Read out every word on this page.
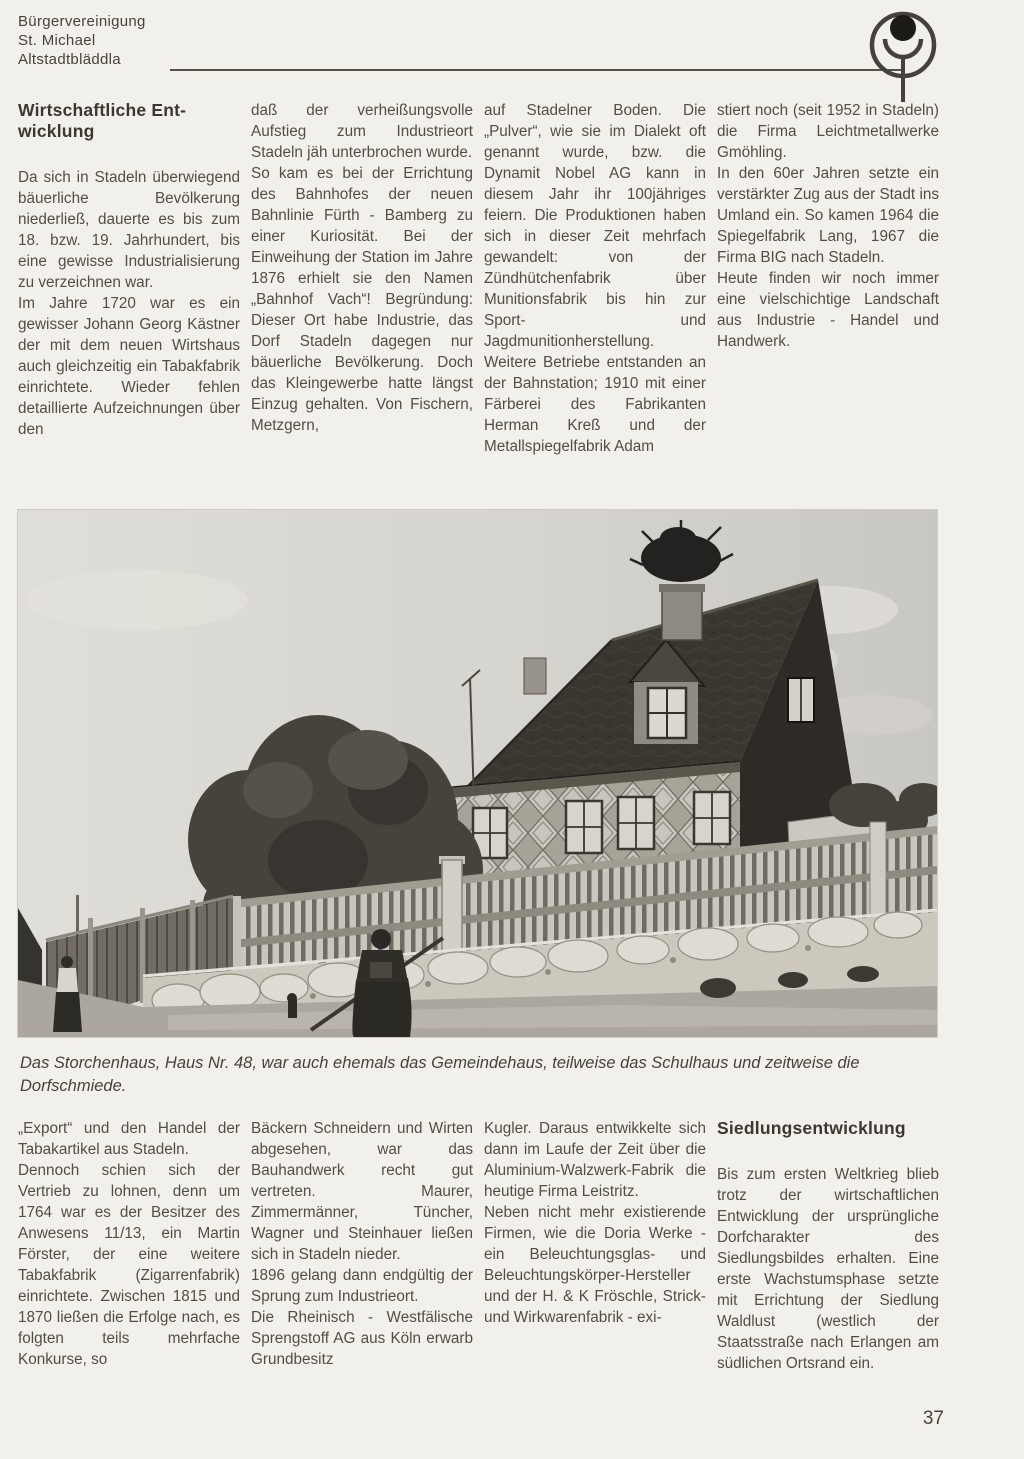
Bürgervereinigung

St. Michael

Altstadtbläddla

Wirtschaftliche Entwicklung

Da sich in Stadeln überwiegend bäuerliche Bevölkerung niederließ, dauerte es bis zum 18. bzw. 19. Jahrhundert, bis eine gewisse Industrialisierung zu verzeichnen war.

Im Jahre 1720 war es ein gewisser Johann Georg Kästner der mit dem neuen Wirtshaus auch gleichzeitig ein Tabakfabrik einrichtete. Wieder fehlen detaillierte Aufzeichnungen über den

daß der verheißungsvolle Aufstieg zum Industrieort Stadeln jäh unterbrochen wurde.

So kam es bei der Errichtung des Bahnhofes der neuen Bahnlinie Fürth - Bamberg zu einer Kuriosität. Bei der Einweihung der Station im Jahre 1876 erhielt sie den Namen „Bahnhof Vach“! Begründung: Dieser Ort habe Industrie, das Dorf Stadeln dagegen nur bäuerliche Bevölkerung. Doch das Kleingewerbe hatte längst Einzug gehalten. Von Fischern, Metzgern,

auf Stadelner Boden. Die „Pulver“, wie sie im Dialekt oft genannt wurde, bzw. die Dynamit Nobel AG kann in diesem Jahr ihr 100jähriges feiern. Die Produktionen haben sich in dieser Zeit mehrfach gewandelt: von der Zündhütchenfabrik über Munitionsfabrik bis hin zur Sport- und Jagdmunitionherstellung.

Weitere Betriebe entstanden an der Bahnstation; 1910 mit einer Färberei des Fabrikanten Herman Kreß und der Metallspiegelfabrik Adam

stiert noch (seit 1952 in Stadeln) die Firma Leichtmetallwerke Gmöhling.

In den 60er Jahren setzte ein verstärkter Zug aus der Stadt ins Umland ein. So kamen 1964 die Spiegelfabrik Lang, 1967 die Firma BIG nach Stadeln.

Heute finden wir noch immer eine vielschichtige Landschaft aus Industrie - Handel und Handwerk.

Das Storchenhaus, Haus Nr. 48, war auch ehemals das Gemeindehaus, teilweise das Schulhaus und zeitweise die Dorfschmiede.

„Export“ und den Handel der Tabakartikel aus Stadeln.

Dennoch schien sich der Vertrieb zu lohnen, denn um 1764 war es der Besitzer des Anwesens 11/13, ein Martin Förster, der eine weitere Tabakfabrik (Zigarrenfabrik) einrichtete. Zwischen 1815 und 1870 ließen die Erfolge nach, es folgten teils mehrfache Konkurse, so

Bäckern Schneidern und Wirten abgesehen, war das Bauhandwerk recht gut vertreten. Maurer, Zimmermänner, Tüncher, Wagner und Steinhauer ließen sich in Stadeln nieder.

1896 gelang dann endgültig der Sprung zum Industrieort.

Die Rheinisch - Westfälische Sprengstoff AG aus Köln erwarb Grundbesitz

Kugler. Daraus entwikkelte sich dann im Laufe der Zeit über die Aluminium-Walzwerk-Fabrik die heutige Firma Leistritz.

Neben nicht mehr existierende Firmen, wie die Doria Werke - ein Beleuchtungsglas- und Beleuchtungskörper-Hersteller und der H. & K Fröschle, Strick- und Wirkwarenfabrik - exi-

Siedlungsentwicklung

Bis zum ersten Weltkrieg blieb trotz der wirtschaftlichen Entwicklung der ursprüngliche Dorfcharakter des Siedlungsbildes erhalten. Eine erste Wachstumsphase setzte mit Errichtung der Siedlung Waldlust (westlich der Staatsstraße nach Erlangen am südlichen Ortsrand ein.

37
